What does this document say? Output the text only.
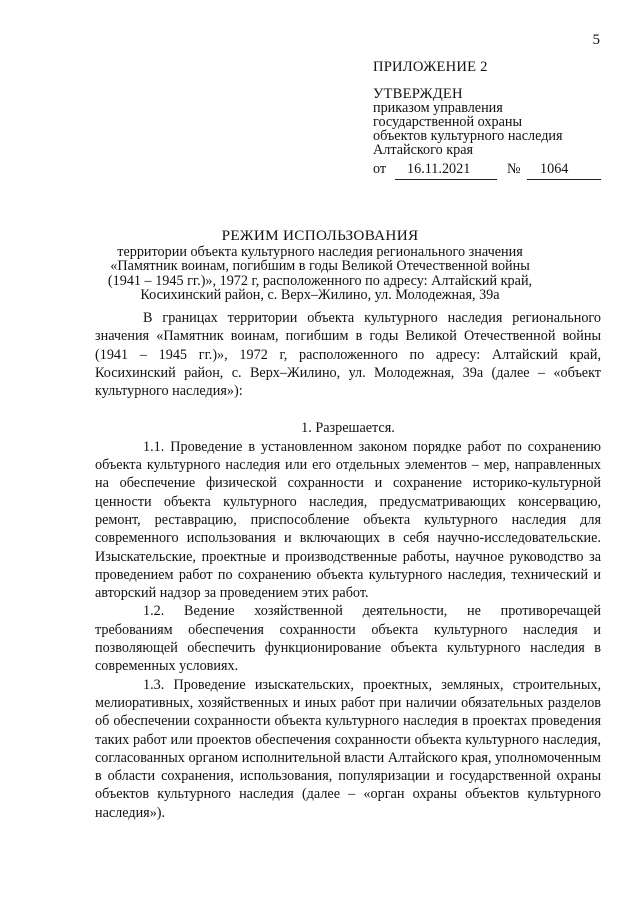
5
ПРИЛОЖЕНИЕ 2
УТВЕРЖДЕН
приказом управления
государственной охраны
объектов культурного наследия
Алтайского края
от 16.11.2021	№ 1064
РЕЖИМ ИСПОЛЬЗОВАНИЯ
территории объекта культурного наследия регионального значения
«Памятник воинам, погибшим в годы Великой Отечественной войны
(1941 – 1945 гг.)», 1972 г, расположенного по адресу: Алтайский край,
Косихинский район, с. Верх–Жилино, ул. Молодежная, 39а

В границах территории объекта культурного наследия регионального значения «Памятник воинам, погибшим в годы Великой Отечественной войны (1941 – 1945 гг.)», 1972 г, расположенного по адресу: Алтайский край, Косихинский район, с. Верх–Жилино, ул. Молодежная, 39а (далее – «объект культурного наследия»):

1. Разрешается.

1.1. Проведение в установленном законом порядке работ по сохранению объекта культурного наследия или его отдельных элементов – мер, направленных на обеспечение физической сохранности и сохранение историко-культурной ценности объекта культурного наследия, предусматривающих консервацию, ремонт, реставрацию, приспособление объекта культурного наследия для современного использования и включающих в себя научно-исследовательские. Изыскательские, проектные и производственные работы, научное руководство за проведением работ по сохранению объекта культурного наследия, технический и авторский надзор за проведением этих работ.

1.2. Ведение хозяйственной деятельности, не противоречащей требованиям обеспечения сохранности объекта культурного наследия и позволяющей обеспечить функционирование объекта культурного наследия в современных условиях.

1.3. Проведение изыскательских, проектных, земляных, строительных, мелиоративных, хозяйственных и иных работ при наличии обязательных разделов об обеспечении сохранности объекта культурного наследия в проектах проведения таких работ или проектов обеспечения сохранности объекта культурного наследия, согласованных органом исполнительной власти Алтайского края, уполномоченным в области сохранения, использования, популяризации и государственной охраны объектов культурного наследия (далее – «орган охраны объектов культурного наследия»).
